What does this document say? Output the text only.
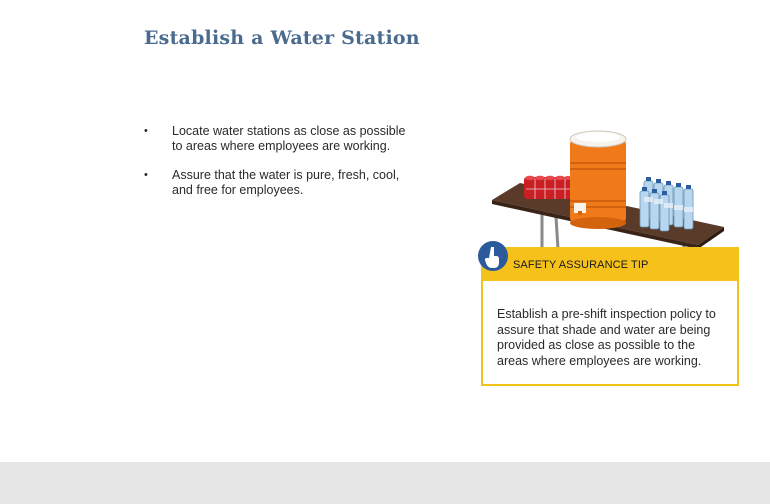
Establish a Water Station
• Locate water stations as close as possible to areas where employees are working.
• Assure that the water is pure, fresh, cool, and free for employees.
SAFETY ASSURANCE TIP
Establish a pre-shift inspection policy to assure that shade and water are being provided as close as possible to the areas where employees are working.
